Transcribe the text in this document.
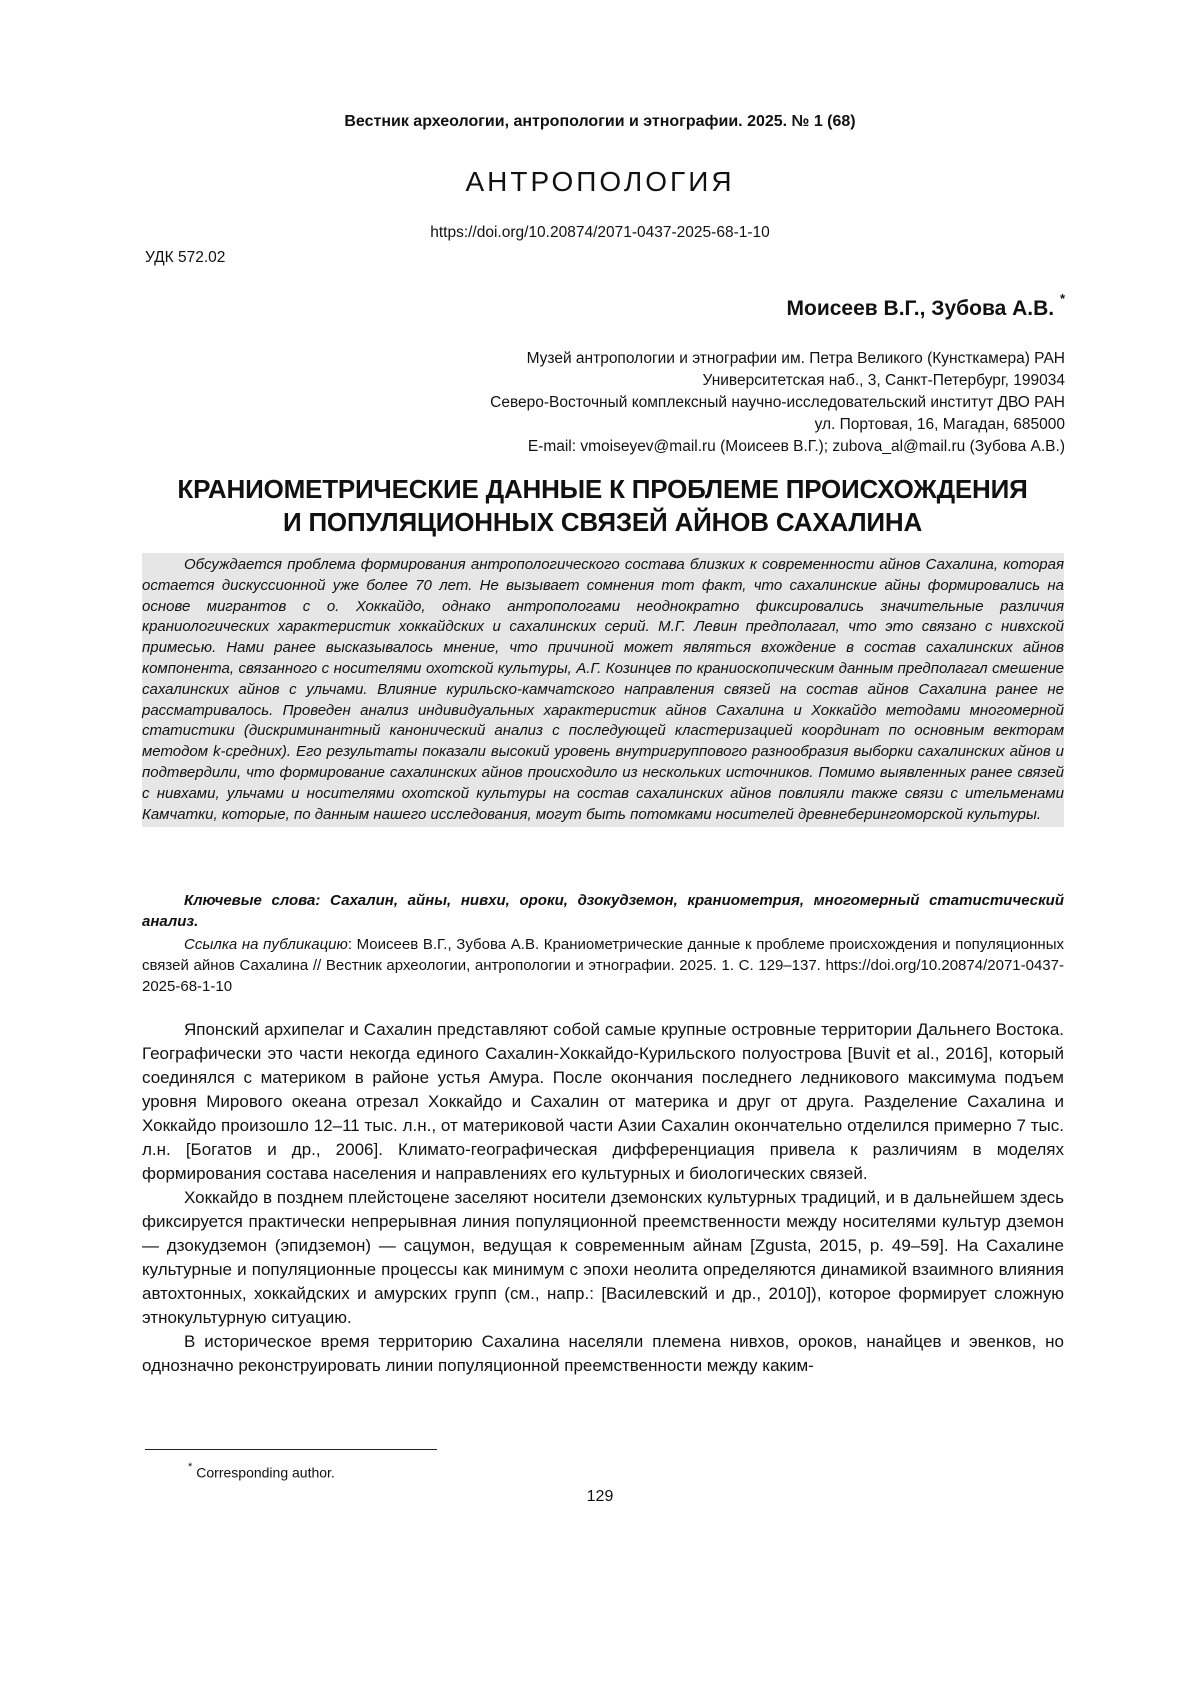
Вестник археологии, антропологии и этнографии. 2025. № 1 (68)
АНТРОПОЛОГИЯ
https://doi.org/10.20874/2071-0437-2025-68-1-10
УДК 572.02
Моисеев В.Г., Зубова А.В. *
Музей антропологии и этнографии им. Петра Великого (Кунсткамера) РАН
Университетская наб., 3, Санкт-Петербург, 199034
Северо-Восточный комплексный научно-исследовательский институт ДВО РАН
ул. Портовая, 16, Магадан, 685000
E-mail: vmoiseyev@mail.ru (Моисеев В.Г.); zubova_al@mail.ru (Зубова А.В.)
КРАНИОМЕТРИЧЕСКИЕ ДАННЫЕ К ПРОБЛЕМЕ ПРОИСХОЖДЕНИЯ
И ПОПУЛЯЦИОННЫХ СВЯЗЕЙ АЙНОВ САХАЛИНА
Обсуждается проблема формирования антропологического состава близких к современности айнов Сахалина, которая остается дискуссионной уже более 70 лет. Не вызывает сомнения тот факт, что сахалинские айны формировались на основе мигрантов с о. Хоккайдо, однако антропологами неоднократно фиксировались значительные различия краниологических характеристик хоккайдских и сахалинских серий. М.Г. Левин предполагал, что это связано с нивхской примесью. Нами ранее высказывалось мнение, что причиной может являться вхождение в состав сахалинских айнов компонента, связанного с носителями охотской культуры, А.Г. Козинцев по краниоскопическим данным предполагал смешение сахалинских айнов с ульчами. Влияние курильско-камчатского направления связей на состав айнов Сахалина ранее не рассматривалось. Проведен анализ индивидуальных характеристик айнов Сахалина и Хоккайдо методами многомерной статистики (дискриминантный канонический анализ с последующей кластеризацией координат по основным векторам методом k-средних). Его результаты показали высокий уровень внутригруппового разнообразия выборки сахалинских айнов и подтвердили, что формирование сахалинских айнов происходило из нескольких источников. Помимо выявленных ранее связей с нивхами, ульчами и носителями охотской культуры на состав сахалинских айнов повлияли также связи с ительменами Камчатки, которые, по данным нашего исследования, могут быть потомками носителей древнеберингоморской культуры.
Ключевые слова: Сахалин, айны, нивхи, ороки, дзокудземон, краниометрия, многомерный статистический анализ.
Ссылка на публикацию: Моисеев В.Г., Зубова А.В. Краниометрические данные к проблеме происхождения и популяционных связей айнов Сахалина // Вестник археологии, антропологии и этнографии. 2025. 1. С. 129–137. https://doi.org/10.20874/2071-0437-2025-68-1-10

Японский архипелаг и Сахалин представляют собой самые крупные островные территории Дальнего Востока. Географически это части некогда единого Сахалин-Хоккайдо-Курильского полуострова [Buvit et al., 2016], который соединялся с материком в районе устья Амура. После окончания последнего ледникового максимума подъем уровня Мирового океана отрезал Хоккайдо и Сахалин от материка и друг от друга. Разделение Сахалина и Хоккайдо произошло 12–11 тыс. л.н., от материковой части Азии Сахалин окончательно отделился примерно 7 тыс. л.н. [Богатов и др., 2006]. Климато-географическая дифференциация привела к различиям в моделях формирования состава населения и направлениях его культурных и биологических связей.

Хоккайдо в позднем плейстоцене заселяют носители дземонских культурных традиций, и в дальнейшем здесь фиксируется практически непрерывная линия популяционной преемственности между носителями культур дземон — дзокудземон (эпидземон) — сацумон, ведущая к современным айнам [Zgusta, 2015, p. 49–59]. На Сахалине культурные и популяционные процессы как минимум с эпохи неолита определяются динамикой взаимного влияния автохтонных, хоккайдских и амурских групп (см., напр.: [Василевский и др., 2010]), которое формирует сложную этнокультурную ситуацию.

В историческое время территорию Сахалина населяли племена нивхов, ороков, нанайцев и эвенков, но однозначно реконструировать линии популяционной преемственности между каким-

* Corresponding author.
129
